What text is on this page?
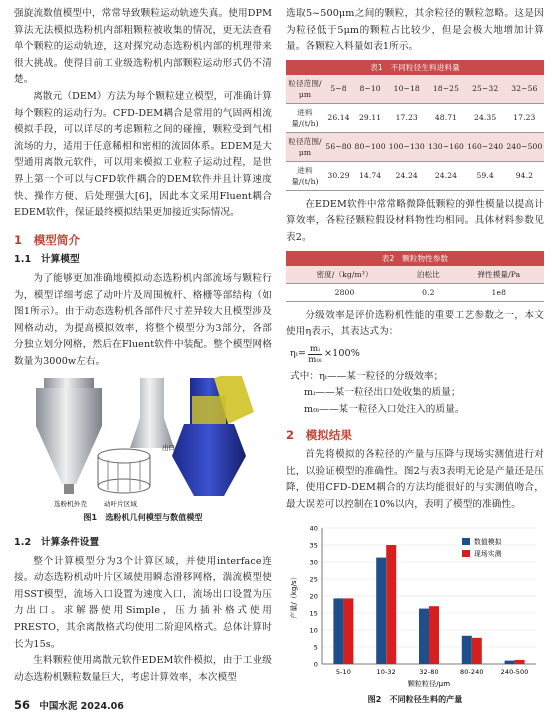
强旋流数值模型中，常常导致颗粒运动轨迹失真。使用DPM算法无法模拟选粉机内部粗颗粒被收集的情况，更无法查看单个颗粒的运动轨迹，这对探究动态选粉机内部的机理带来很大挑战。使得目前工业级选粉机内部颗粒运动形式仍不清楚。

离散元（DEM）方法为每个颗粒建立模型，可准确计算每个颗粒的运动行为。CFD-DEM耦合是常用的气固两相流模拟手段，可以详尽的考虑颗粒之间的碰撞，颗粒受到气相流场的力，适用于任意稀相和密相的流固体系。EDEM是大型通用离散元软件，可以用来模拟工业粒子运动过程，是世界上第一个可以与CFD软件耦合的DEM软件并且计算速度快、操作方便、后处理强大[6]，因此本文采用Fluent耦合EDEM软件，保证最终模拟结果更加接近实际情况。

1　模型简介
1.1　计算模型

为了能够更加准确地模拟动态选粉机内部流场与颗粒行为，模型详细考虑了动叶片及周围梳杆、格栅等部结构（如图1所示）。由于动态选粉机各部件尺寸差异较大且模型涉及网格动动，为提高模拟效率，将整个模型分为3部分，各部分独立划分网格，然后在Fluent软件中装配。整个模型网格数量为3000w左右。

选粉机外壳	动叶片区域
出口
图1　选粉机几何模型与数值模型
1.2　计算条件设置

整个计算模型分为3个计算区域，并使用interface连接。动态选粉机动叶片区域使用瞬态滑移网格，湍流模型使用SST模型，流场入口设置为速度入口，流场出口设置为压力出口。求解器使用Simple，压力插补格式使用PRESTO，其余离散格式均使用二阶迎风格式。总体计算时长为15s。

生料颗粒使用离散元软件EDEM软件模拟，由于工业级动态选粉机颗粒数量巨大，考虑计算效率，本次模型

选取5~500μm之间的颗粒，其余粒径的颗粒忽略。这是因为粒径低于5μm的颗粒占比较少，但是会极大地增加计算量。各颗粒入料量如表1所示。

表1　不同粒径生料进料量
粒径范围/μm	5~8	8~10	10~18	18~25	25~32	32~56
进料量/(t/h)	26.14	29.11	17.23	48.71	24.35	17.23
粒径范围/μm	56~80	80~100	100~130	130~160	160~240	240~500
进料量/(t/h)	30.29	14.74	24.24	24.24	59.4	94.2

在EDEM软件中常常略微降低颗粒的弹性模量以提高计算效率，各粒径颗粒假设材料物性均相同。具体材料参数见表2。

表2　颗粒物性参数
密度/（kg/m³）	泊松比	弹性模量/Pa
2800	0.2	1e8

分级效率是评价选粉机性能的重要工艺参数之一，本文使用η表示，其表达式为：

ηᵢ= $\frac{\text{mᵢ}}{\text{m₀ᵢ}} \times 100\%$
式中：ηᵢ——某一粒径的分级效率；
mᵢ——某一粒径出口处收集的质量；
m₀ᵢ——某一粒径入口处注入的质量。
2　模拟结果

首先将模拟的各粒径的产量与压降与现场实测值进行对比，以验证模型的准确性。图2与表3表明无论是产量还是压降，使用CFD-DEM耦合的方法均能很好的与实测值吻合，最大误差可以控制在10%以内，表明了模型的准确性。

0
5
10
15
20
25
30
35
40
5-10	10-32	32-80	80-240	240-500
颗粒粒径/μm
产量/（kg/s）
数值模拟
现场实测
图2　不同粒径生料的产量
56 中国水泥 2024.06
